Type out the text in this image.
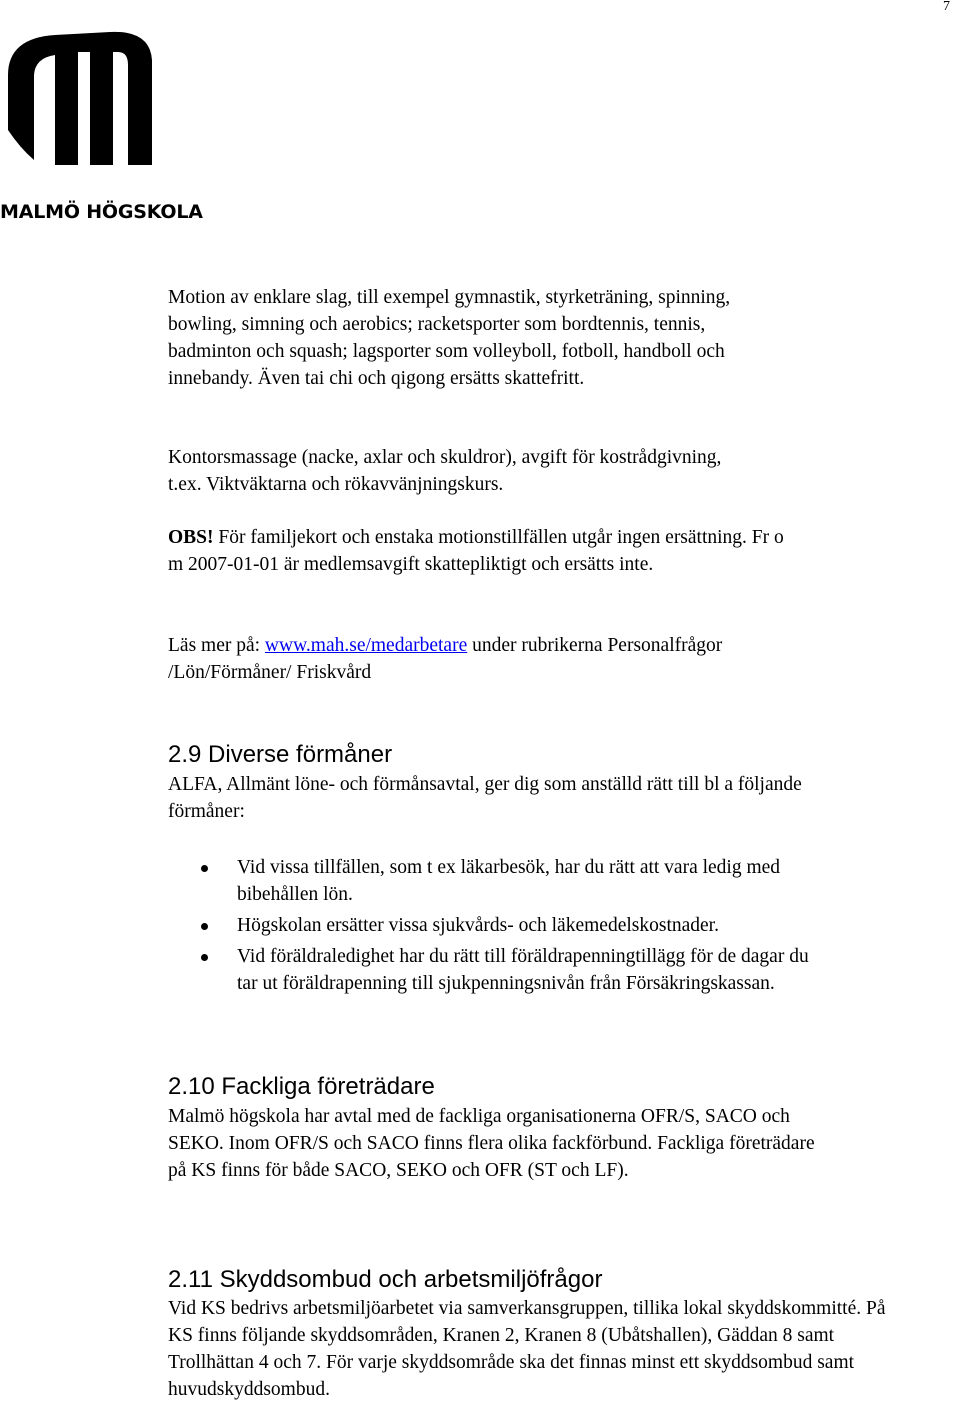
7
MALMÖ HÖGSKOLA

Motion av enklare slag, till exempel gymnastik, styrketräning, spinning, bowling, simning och aerobics; racketsporter som bordtennis, tennis, badminton och squash; lagsporter som volleyboll, fotboll, handboll och innebandy. Även tai chi och qigong ersätts skattefritt.

Kontorsmassage (nacke, axlar och skuldror), avgift för kostrådgivning, t.ex. Viktväktarna och rökavvänjningskurs.

OBS! För familjekort och enstaka motionstillfällen utgår ingen ersättning. Fr o m 2007-01-01 är medlemsavgift skattepliktigt och ersätts inte.

Läs mer på: www.mah.se/medarbetare under rubrikerna Personalfrågor /Lön/Förmåner/ Friskvård

2.9 Diverse förmåner

ALFA, Allmänt löne- och förmånsavtal, ger dig som anställd rätt till bl a följande förmåner:

Vid vissa tillfällen, som t ex läkarbesök, har du rätt att vara ledig med bibehållen lön.
Högskolan ersätter vissa sjukvårds- och läkemedelskostnader.
Vid föräldraledighet har du rätt till föräldrapenningtillägg för de dagar du tar ut föräldrapenning till sjukpenningsnivån från Försäkringskassan.
2.10 Fackliga företrädare

Malmö högskola har avtal med de fackliga organisationerna OFR/S, SACO och SEKO. Inom OFR/S och SACO finns flera olika fackförbund. Fackliga företrädare på KS finns för både SACO, SEKO och OFR (ST och LF).

2.11 Skyddsombud och arbetsmiljöfrågor

Vid KS bedrivs arbetsmiljöarbetet via samverkansgruppen, tillika lokal skyddskommitté. På KS finns följande skyddsområden, Kranen 2, Kranen 8 (Ubåtshallen), Gäddan 8 samt Trollhättan 4 och 7. För varje skyddsområde ska det finnas minst ett skyddsombud samt huvudskyddsombud.
